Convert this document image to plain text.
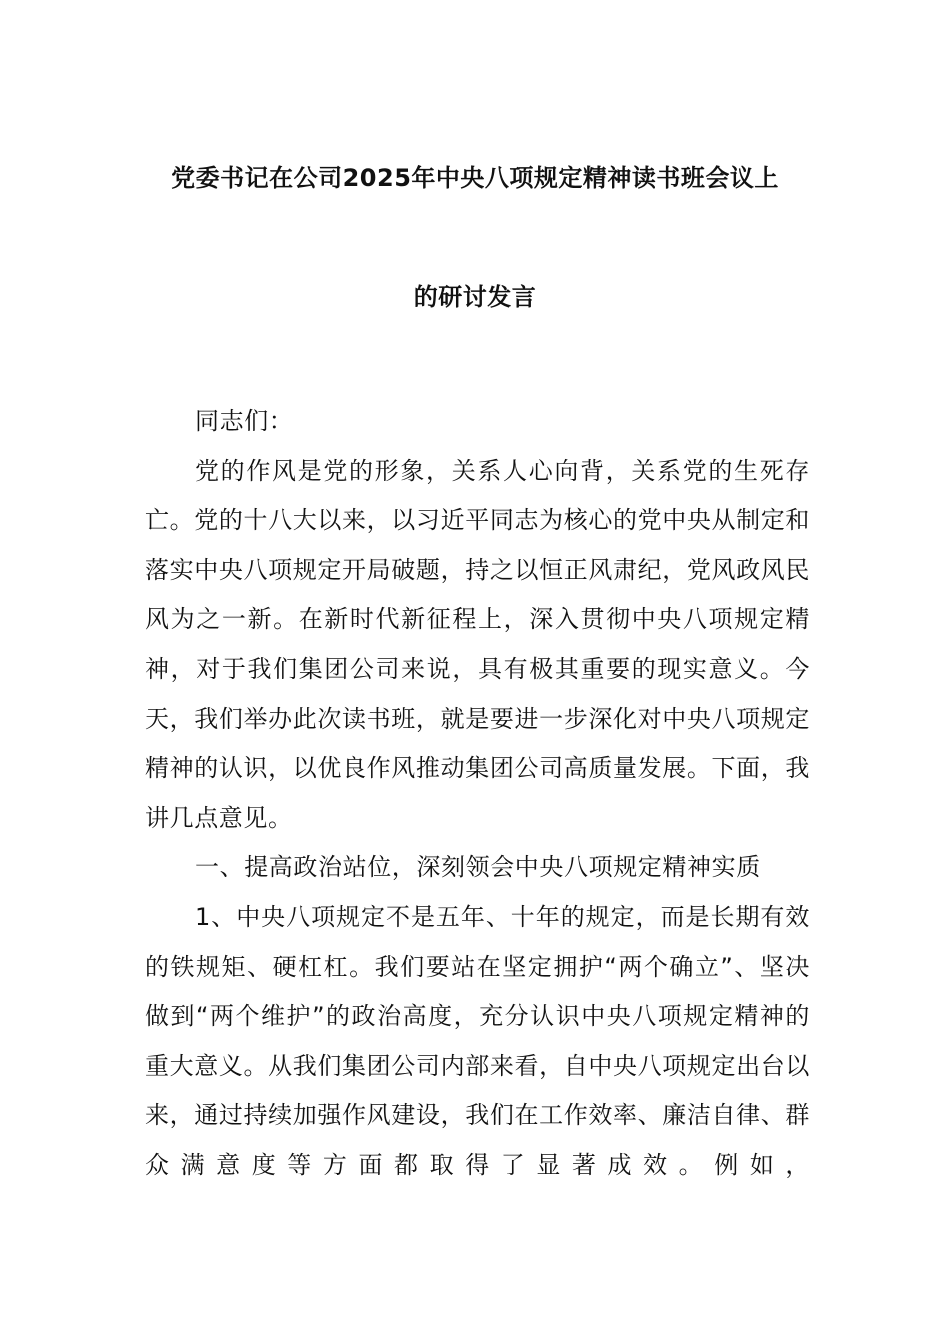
党委书记在公司2025年中央八项规定精神读书班会议上
的研讨发言

同志们：

党的作风是党的形象，关系人心向背，关系党的生死存亡。党的十八大以来，以习近平同志为核心的党中央从制定和落实中央八项规定开局破题，持之以恒正风肃纪，党风政风民风为之一新。在新时代新征程上，深入贯彻中央八项规定精神，对于我们集团公司来说，具有极其重要的现实意义。今天，我们举办此次读书班，就是要进一步深化对中央八项规定精神的认识，以优良作风推动集团公司高质量发展。下面，我讲几点意见。

一、提高政治站位，深刻领会中央八项规定精神实质

1、中央八项规定不是五年、十年的规定，而是长期有效的铁规矩、硬杠杠。我们要站在坚定拥护“两个确立”、坚决做到“两个维护”的政治高度，充分认识中央八项规定精神的重大意义。从我们集团公司内部来看，自中央八项规定出台以来，通过持续加强作风建设，我们在工作效率、廉洁自律、群众满意度等方面都取得了显著成效。例如，
